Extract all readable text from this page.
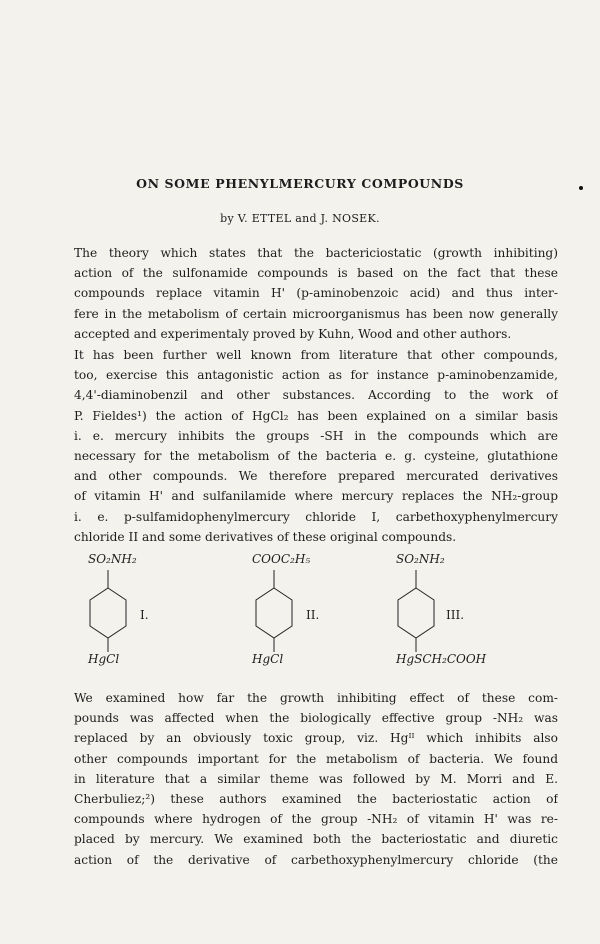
ON SOME PHENYLMERCURY COMPOUNDS
by V. ETTEL and J. NOSEK.
The theory which states that the bactericiostatic (growth inhibiting)
action of the sulfonamide compounds is based on the fact that these
compounds replace vitamin H' (p-aminobenzoic acid) and thus inter-
fere in the metabolism of certain microorganismus has been now generally
accepted and experimentaly proved by Kuhn, Wood and other authors.
It has been further well known from literature that other compounds,
too, exercise this antagonistic action as for instance p-aminobenzamide,
4,4'-diaminobenzil and other substances. According to the work of
P. Fieldes¹) the action of HgCl₂ has been explained on a similar basis
i. e. mercury inhibits the groups -SH in the compounds which are
necessary for the metabolism of the bacteria e. g. cysteine, glutathione
and other compounds. We therefore prepared mercurated derivatives
of vitamin H' and sulfanilamide where mercury replaces the NH₂-group
i. e. p-sulfamidophenylmercury chloride I, carbethoxyphenylmercury
chloride II and some derivatives of these original compounds.
SO₂NH₂
I.
HgCl
COOC₂H₅
II.
HgCl
SO₂NH₂
III.
HgSCH₂COOH
We examined how far the growth inhibiting effect of these com-
pounds was affected when the biologically effective group -NH₂ was
replaced by an obviously toxic group, viz. Hgᴵᴵ which inhibits also
other compounds important for the metabolism of bacteria. We found
in literature that a similar theme was followed by M. Morri and E.
Cherbuliez;²) these authors examined the bacteriostatic action of
compounds where hydrogen of the group -NH₂ of vitamin H' was re-
placed by mercury. We examined both the bacteriostatic and diuretic
action of the derivative of carbethoxyphenylmercury chloride (the
